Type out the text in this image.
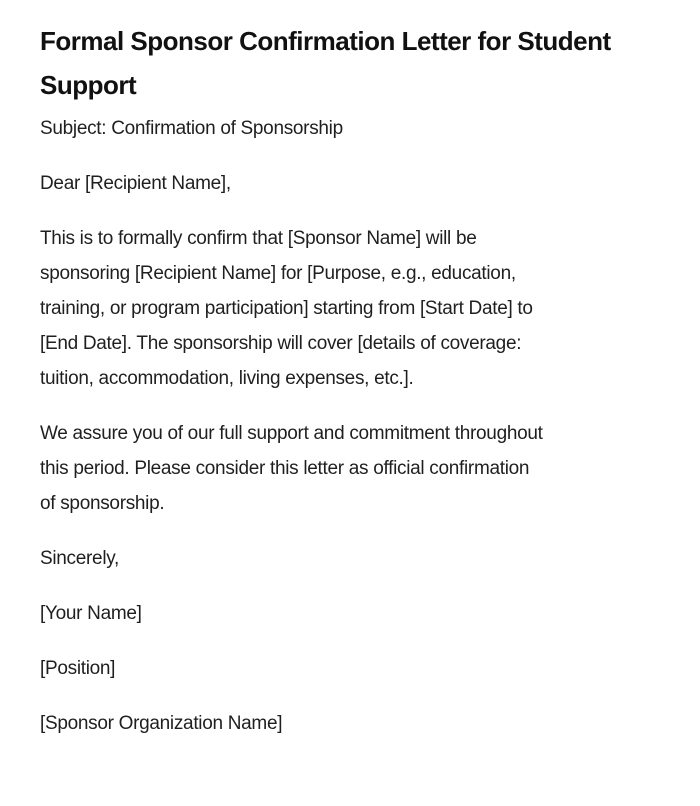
Formal Sponsor Confirmation Letter for Student
Support

Subject: Confirmation of Sponsorship

Dear [Recipient Name],

This is to formally confirm that [Sponsor Name] will be
sponsoring [Recipient Name] for [Purpose, e.g., education,
training, or program participation] starting from [Start Date] to
[End Date]. The sponsorship will cover [details of coverage:
tuition, accommodation, living expenses, etc.].

We assure you of our full support and commitment throughout
this period. Please consider this letter as official confirmation
of sponsorship.

Sincerely,

[Your Name]

[Position]

[Sponsor Organization Name]
